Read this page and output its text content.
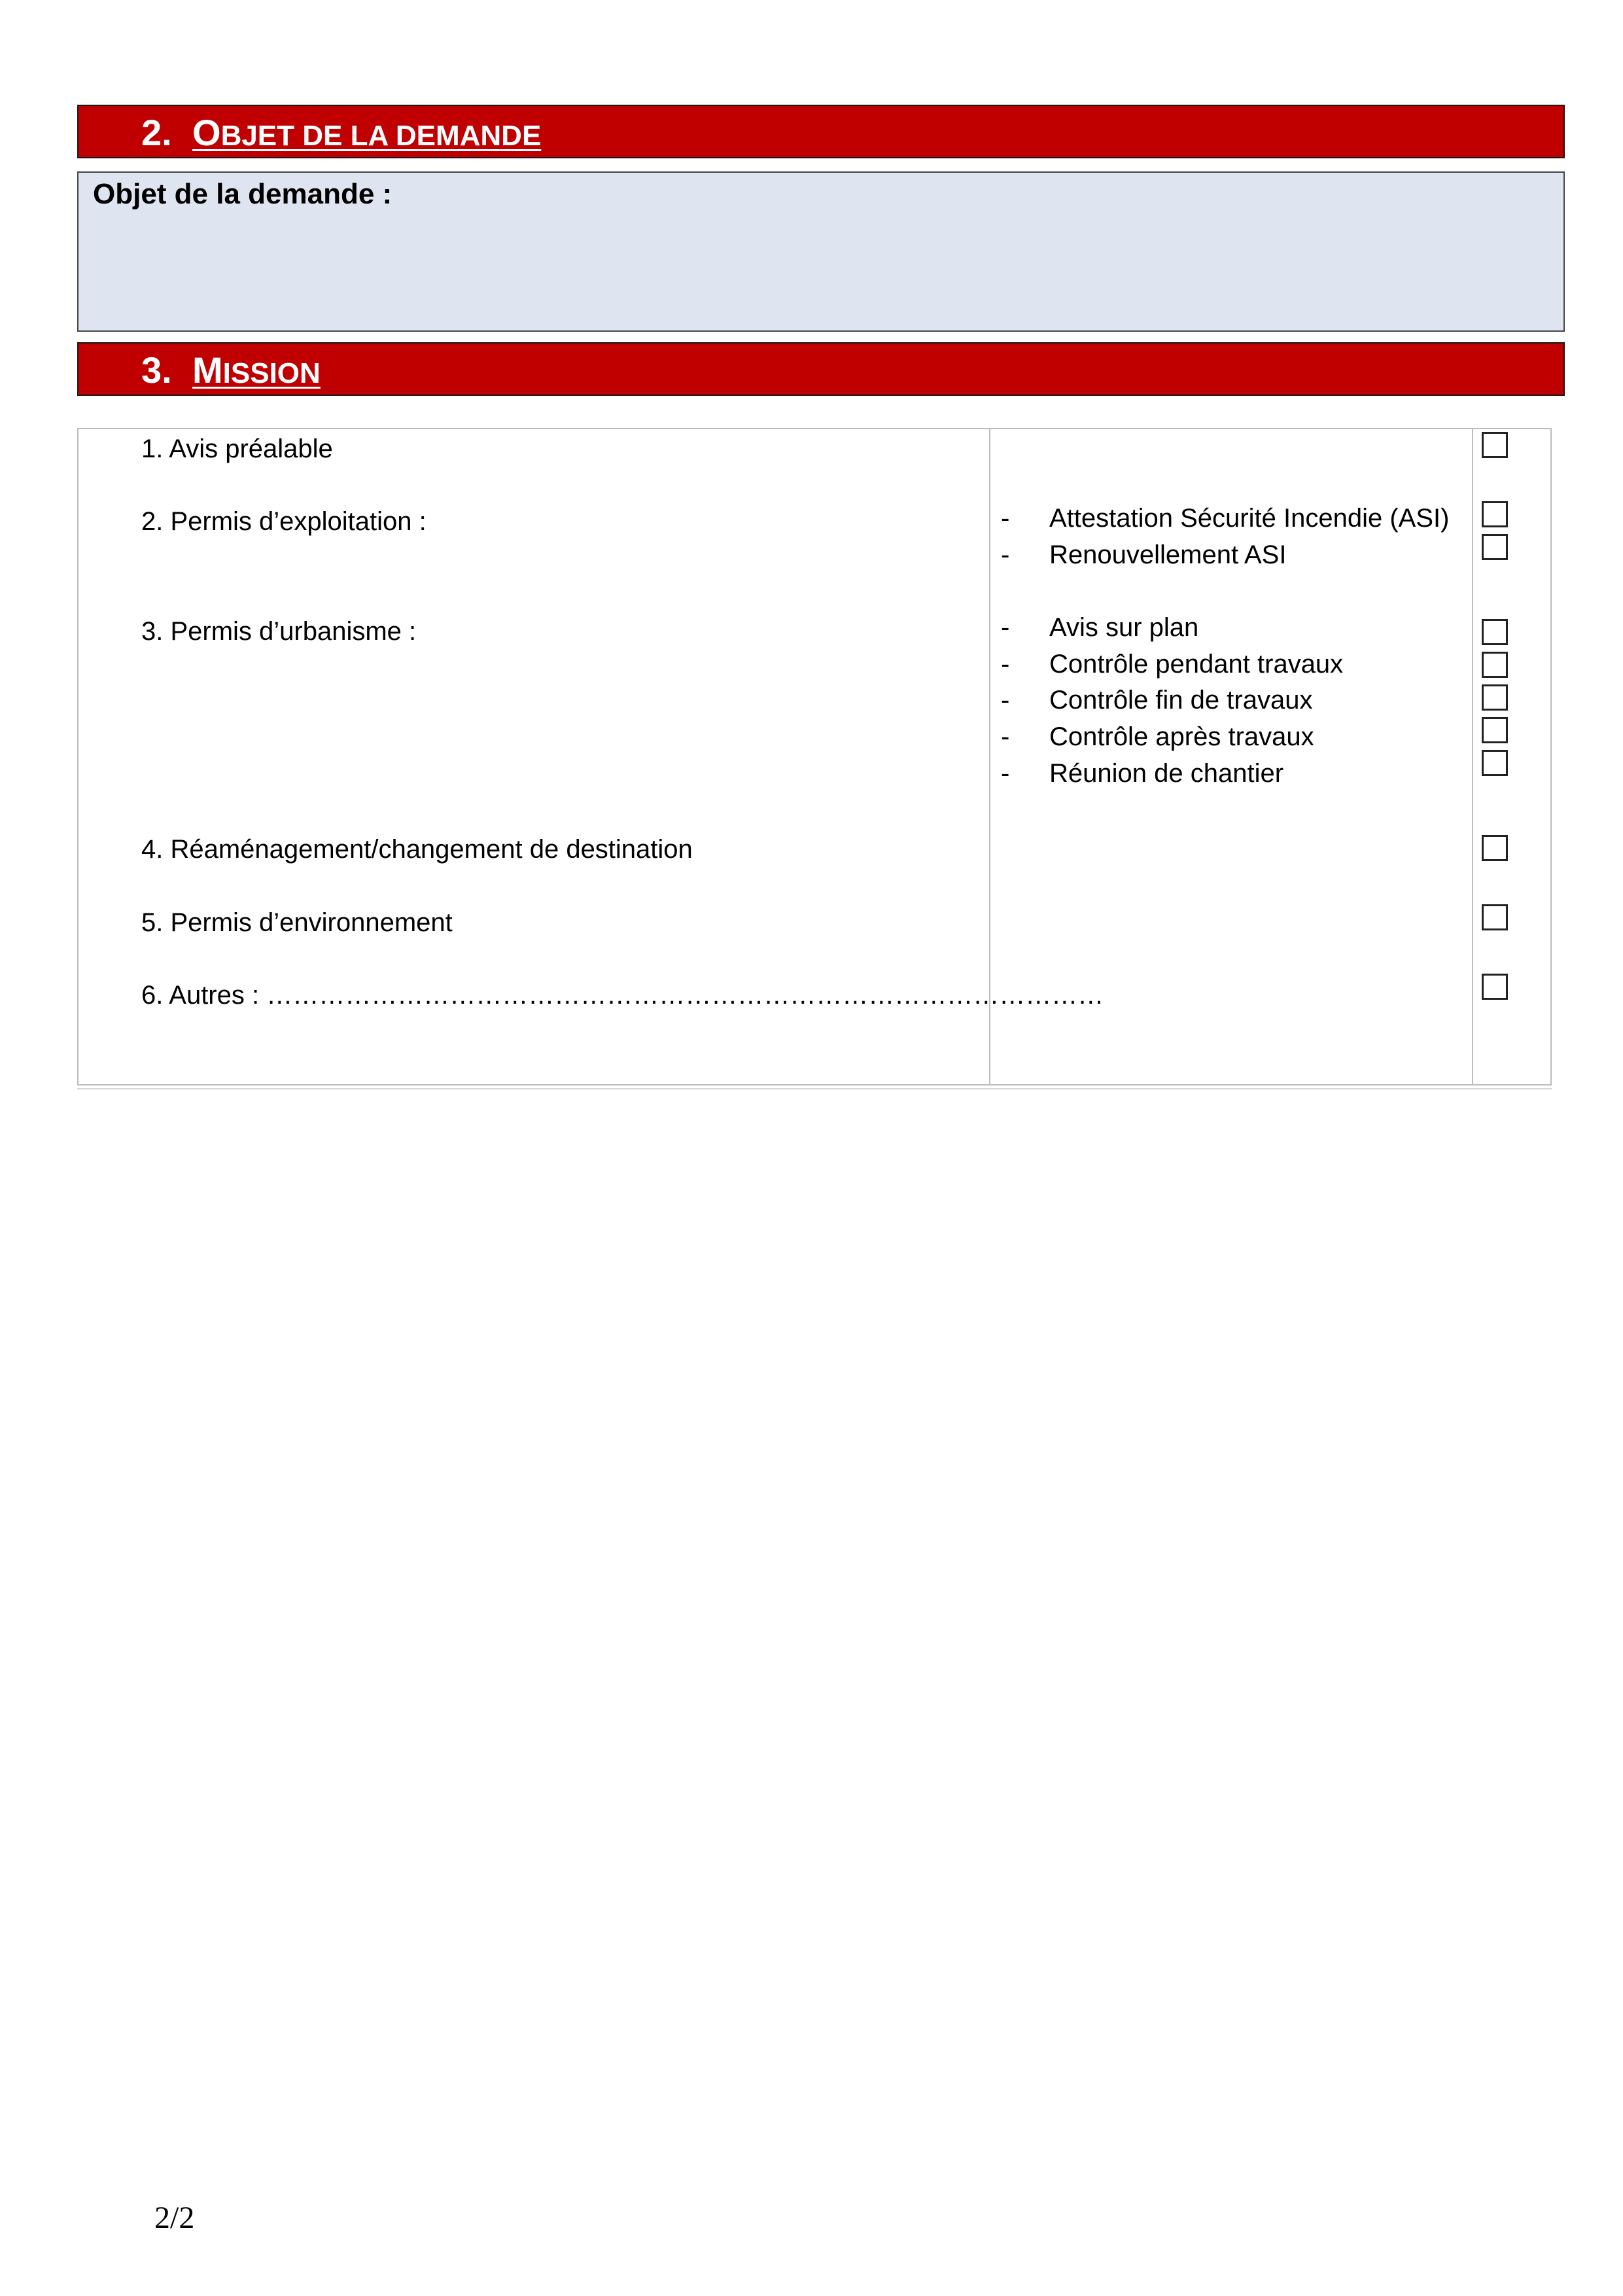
2. OBJET DE LA DEMANDE
Objet de la demande :
3. MISSION
1. Avis préalable
2. Permis d’exploitation :
3. Permis d’urbanisme :
4. Réaménagement/changement de destination
5. Permis d’environnement
6. Autres : ……………………………………………………………………………………
- Attestation Sécurité Incendie (ASI)
- Renouvellement ASI
- Avis sur plan
- Contrôle pendant travaux
- Contrôle fin de travaux
- Contrôle après travaux
- Réunion de chantier
2/2
